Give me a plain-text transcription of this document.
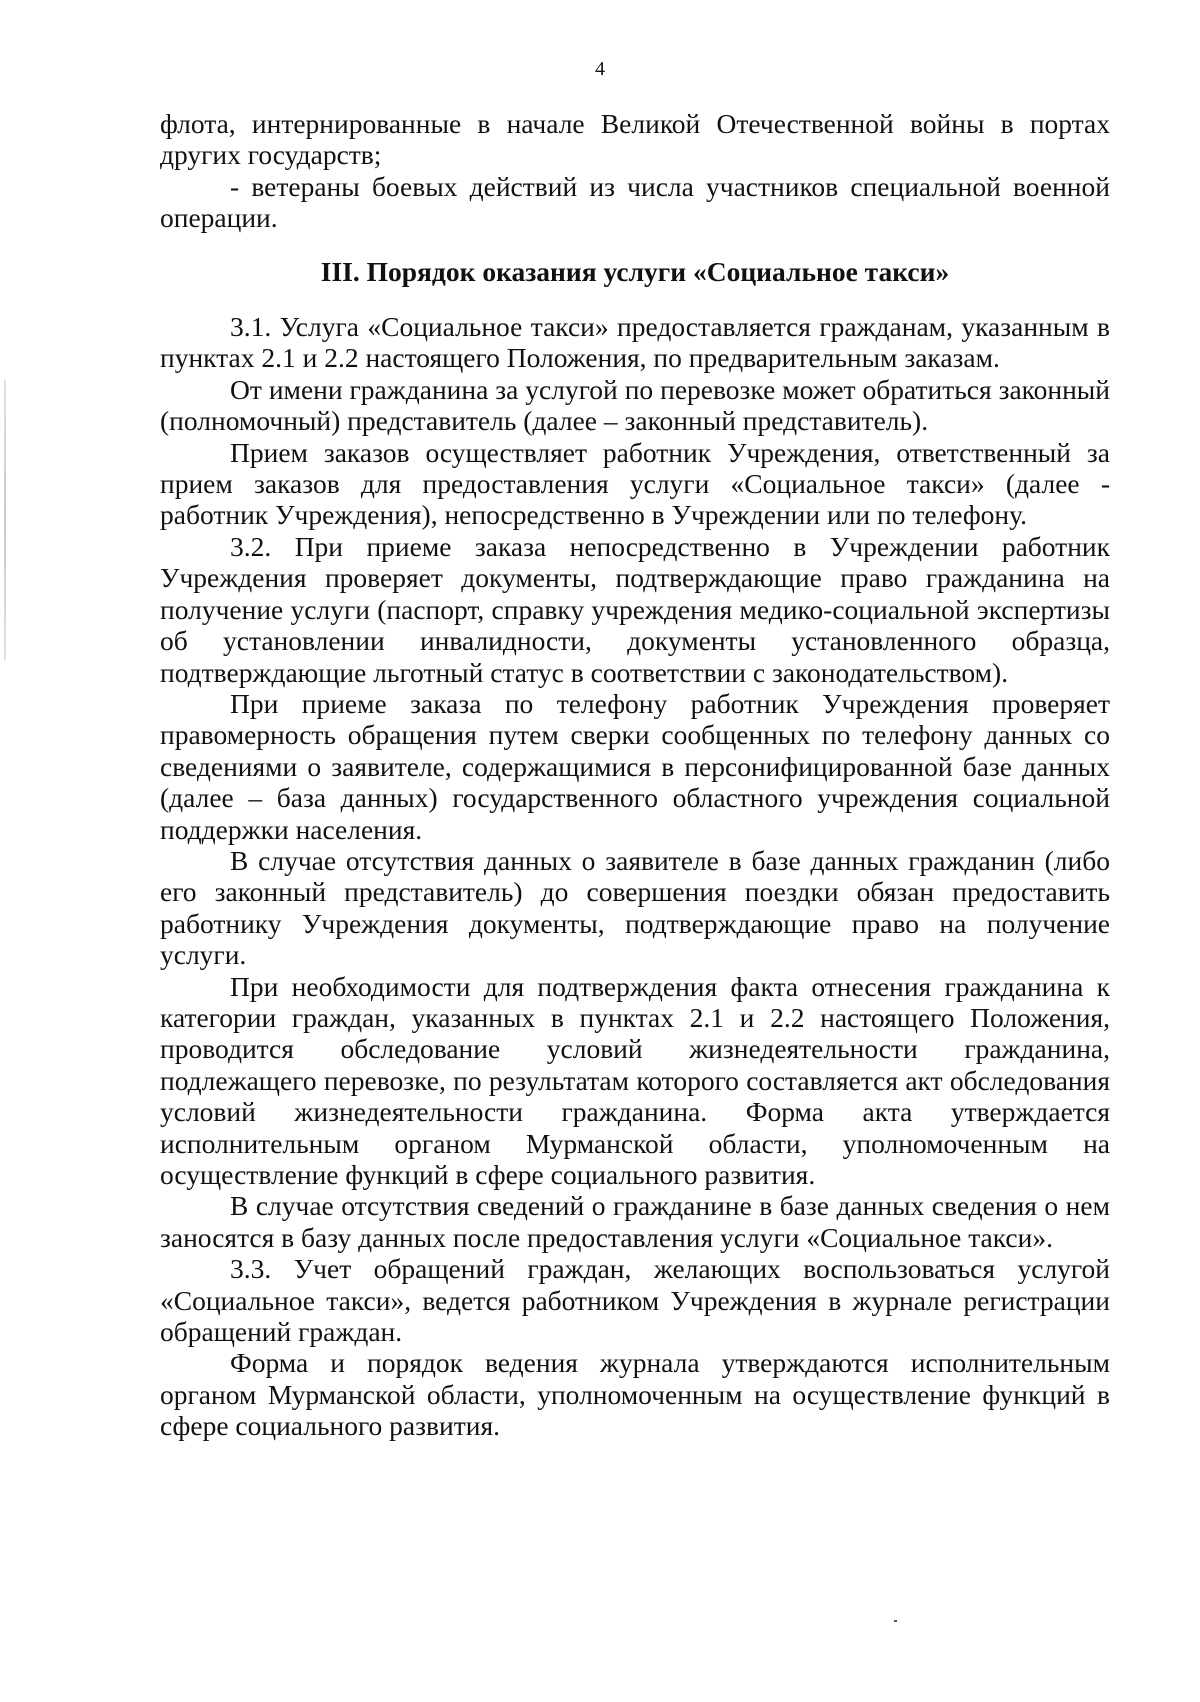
4

флота, интернированные в начале Великой Отечественной войны в портах других государств;

- ветераны боевых действий из числа участников специальной военной операции.

III. Порядок оказания услуги «Социальное такси»

3.1. Услуга «Социальное такси» предоставляется гражданам, указанным в пунктах 2.1 и 2.2 настоящего Положения, по предварительным заказам.

От имени гражданина за услугой по перевозке может обратиться законный (полномочный) представитель (далее – законный представитель).

Прием заказов осуществляет работник Учреждения, ответственный за прием заказов для предоставления услуги «Социальное такси» (далее - работник Учреждения), непосредственно в Учреждении или по телефону.

3.2. При приеме заказа непосредственно в Учреждении работник Учреждения проверяет документы, подтверждающие право гражданина на получение услуги (паспорт, справку учреждения медико-социальной экспертизы об установлении инвалидности, документы установленного образца, подтверждающие льготный статус в соответствии с законодательством).

При приеме заказа по телефону работник Учреждения проверяет правомерность обращения путем сверки сообщенных по телефону данных со сведениями о заявителе, содержащимися в персонифицированной базе данных (далее – база данных) государственного областного учреждения социальной поддержки населения.

В случае отсутствия данных о заявителе в базе данных гражданин (либо его законный представитель) до совершения поездки обязан предоставить работнику Учреждения документы, подтверждающие право на получение услуги.

При необходимости для подтверждения факта отнесения гражданина к категории граждан, указанных в пунктах 2.1 и 2.2 настоящего Положения, проводится обследование условий жизнедеятельности гражданина, подлежащего перевозке, по результатам которого составляется акт обследования условий жизнедеятельности гражданина. Форма акта утверждается исполнительным органом Мурманской области, уполномоченным на осуществление функций в сфере социального развития.

В случае отсутствия сведений о гражданине в базе данных сведения о нем заносятся в базу данных после предоставления услуги «Социальное такси».

3.3. Учет обращений граждан, желающих воспользоваться услугой «Социальное такси», ведется работником Учреждения в журнале регистрации обращений граждан.

Форма и порядок ведения журнала утверждаются исполнительным органом Мурманской области, уполномоченным на осуществление функций в сфере социального развития.
